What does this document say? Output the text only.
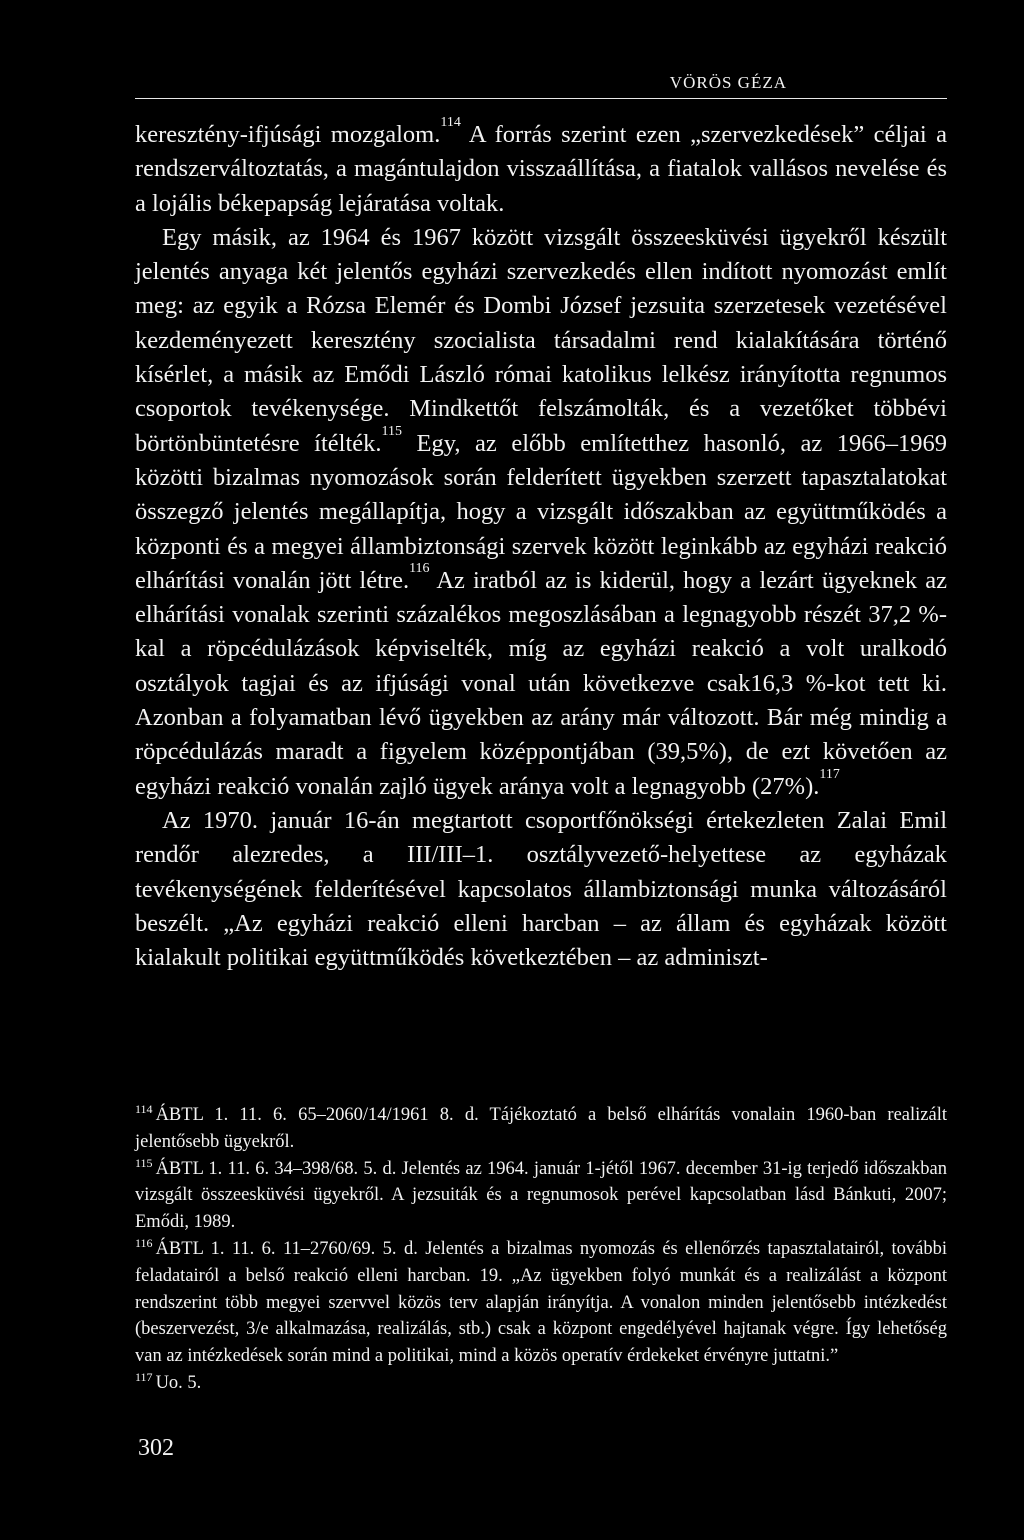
VÖRÖS GÉZA

keresztény-ifjúsági mozgalom.$^{114}$ A forrás szerint ezen „szervezkedések” céljai a rendszerváltoztatás, a magántulajdon visszaállítása, a fiatalok vallásos nevelése és a lojális békepapság lejáratása voltak.

Egy másik, az 1964 és 1967 között vizsgált összeesküvési ügyekről készült jelentés anyaga két jelentős egyházi szervezkedés ellen indított nyomozást említ meg: az egyik a Rózsa Elemér és Dombi József jezsuita szerzetesek vezetésével kezdeményezett keresztény szocialista társadalmi rend kialakítására történő kísérlet, a másik az Emődi László római katolikus lelkész irányította regnumos csoportok tevékenysége. Mindkettőt felszámolták, és a vezetőket többévi börtönbüntetésre ítélték.$^{115}$ Egy, az előbb említetthez hasonló, az 1966–1969 közötti bizalmas nyomozások során felderített ügyekben szerzett tapasztalatokat összegző jelentés megállapítja, hogy a vizsgált időszakban az együttműködés a központi és a megyei állambiztonsági szervek között leginkább az egyházi reakció elhárítási vonalán jött létre.$^{116}$ Az iratból az is kiderül, hogy a lezárt ügyeknek az elhárítási vonalak szerinti százalékos megoszlásában a legnagyobb részét 37,2 %-kal a röpcédulázások képviselték, míg az egyházi reakció a volt uralkodó osztályok tagjai és az ifjúsági vonal után következve csak16,3 %-kot tett ki. Azonban a folyamatban lévő ügyekben az arány már változott. Bár még mindig a röpcédulázás maradt a figyelem középpontjában (39,5%), de ezt követően az egyházi reakció vonalán zajló ügyek aránya volt a legnagyobb (27%).$^{117}$

Az 1970. január 16-án megtartott csoportfőnökségi értekezleten Zalai Emil rendőr alezredes, a III/III–1. osztályvezető-helyettese az egyházak tevékenységének felderítésével kapcsolatos állambiztonsági munka változásáról beszélt. „Az egyházi reakció elleni harcban – az állam és egyházak között kialakult politikai együttműködés következtében – az adminiszt-

$^{114}$ ÁBTL 1. 11. 6. 65–2060/14/1961 8. d. Tájékoztató a belső elhárítás vonalain 1960-ban realizált jelentősebb ügyekről.

$^{115}$ ÁBTL 1. 11. 6. 34–398/68. 5. d. Jelentés az 1964. január 1-jétől 1967. december 31-ig terjedő időszakban vizsgált összeesküvési ügyekről. A jezsuiták és a regnumosok perével kapcsolatban lásd Bánkuti, 2007; Emődi, 1989.

$^{116}$ ÁBTL 1. 11. 6. 11–2760/69. 5. d. Jelentés a bizalmas nyomozás és ellenőrzés tapasztalatairól, további feladatairól a belső reakció elleni harcban. 19. „Az ügyekben folyó munkát és a realizálást a központ rendszerint több megyei szervvel közös terv alapján irányítja. A vonalon minden jelentősebb intézkedést (beszervezést, 3/e alkalmazása, realizálás, stb.) csak a központ engedélyével hajtanak végre. Így lehetőség van az intézkedések során mind a politikai, mind a közös operatív érdekeket érvényre juttatni.”

$^{117}$ Uo. 5.

302
